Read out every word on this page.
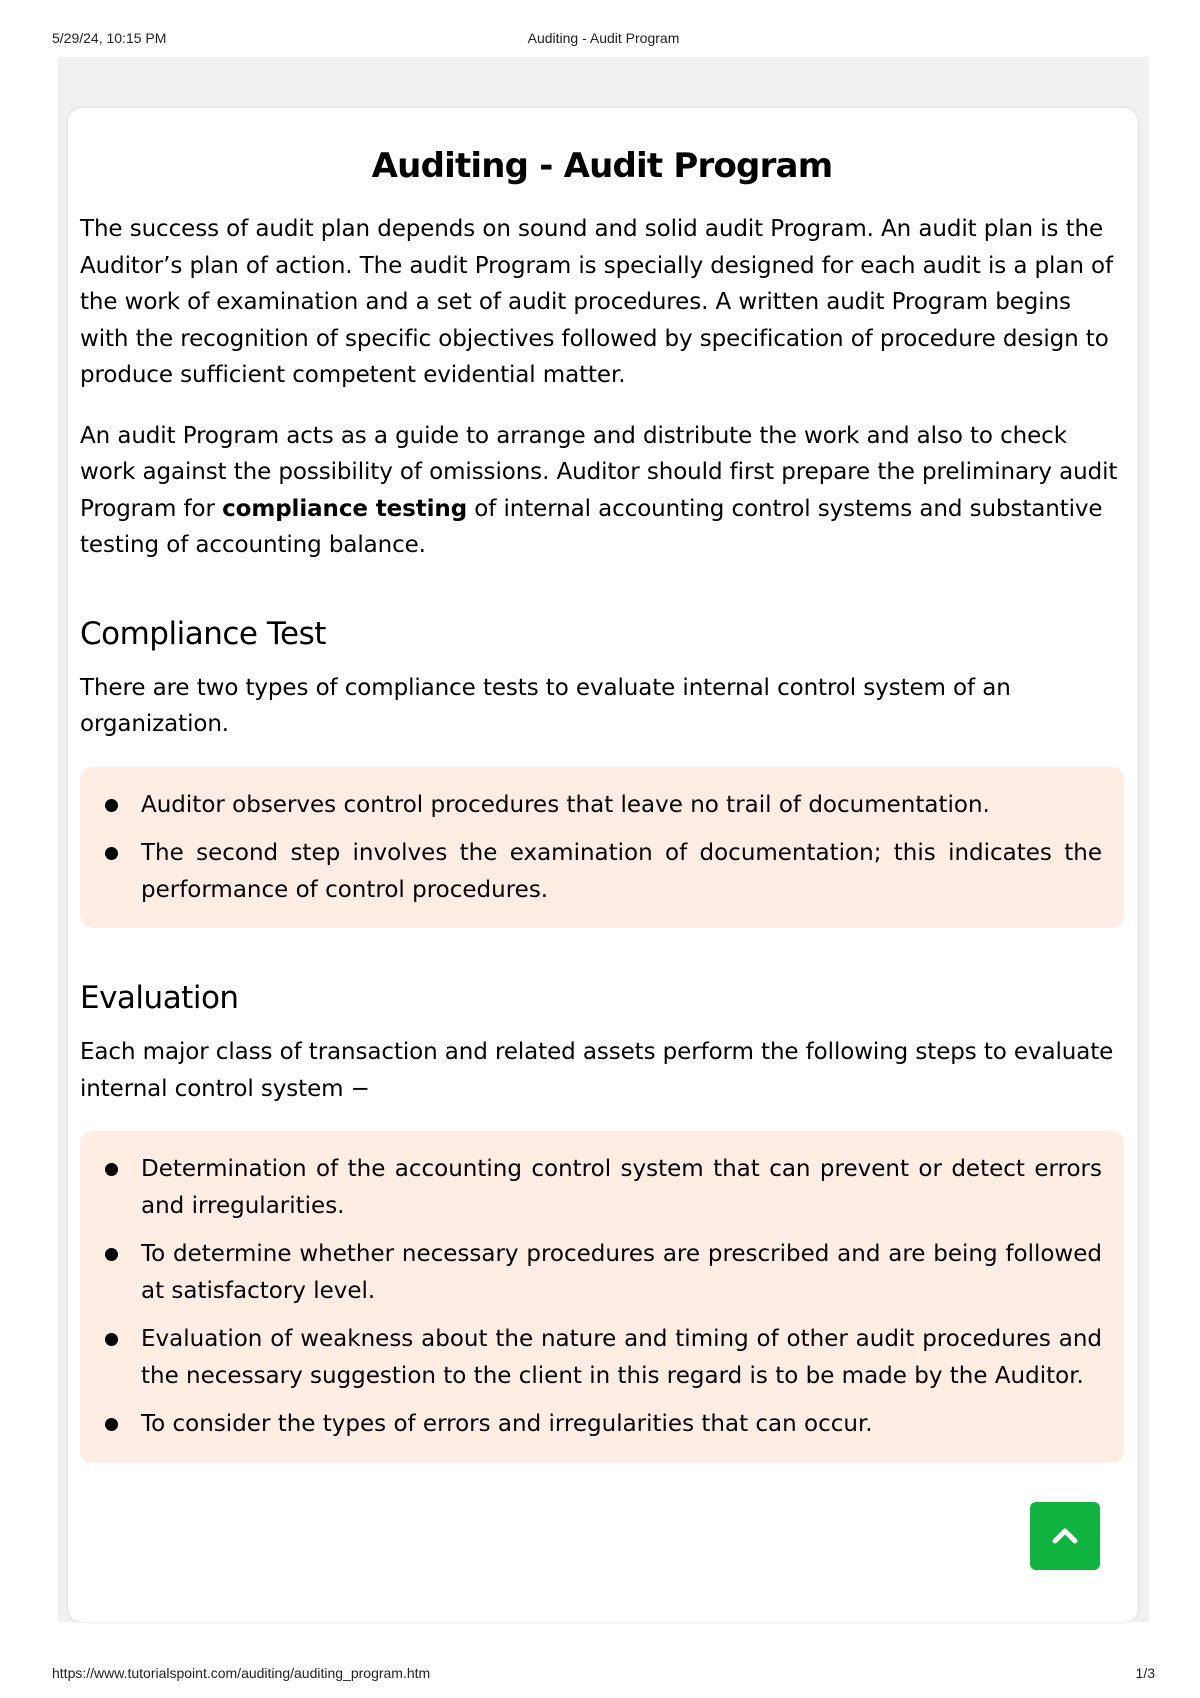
5/29/24, 10:15 PM	Auditing - Audit Program
Auditing - Audit Program

The success of audit plan depends on sound and solid audit Program. An audit plan is the Auditor’s plan of action. The audit Program is specially designed for each audit is a plan of the work of examination and a set of audit procedures. A written audit Program begins with the recognition of specific objectives followed by specification of procedure design to produce sufficient competent evidential matter.

An audit Program acts as a guide to arrange and distribute the work and also to check work against the possibility of omissions. Auditor should first prepare the preliminary audit Program for compliance testing of internal accounting control systems and substantive testing of accounting balance.

Compliance Test

There are two types of compliance tests to evaluate internal control system of an organization.

Auditor observes control procedures that leave no trail of documentation.
The second step involves the examination of documentation; this indicates the performance of control procedures.
Evaluation

Each major class of transaction and related assets perform the following steps to evaluate internal control system −

Determination of the accounting control system that can prevent or detect errors and irregularities.
To determine whether necessary procedures are prescribed and are being followed at satisfactory level.
Evaluation of weakness about the nature and timing of other audit procedures and the necessary suggestion to the client in this regard is to be made by the Auditor.
To consider the types of errors and irregularities that can occur.
https://www.tutorialspoint.com/auditing/auditing_program.htm	1/3
